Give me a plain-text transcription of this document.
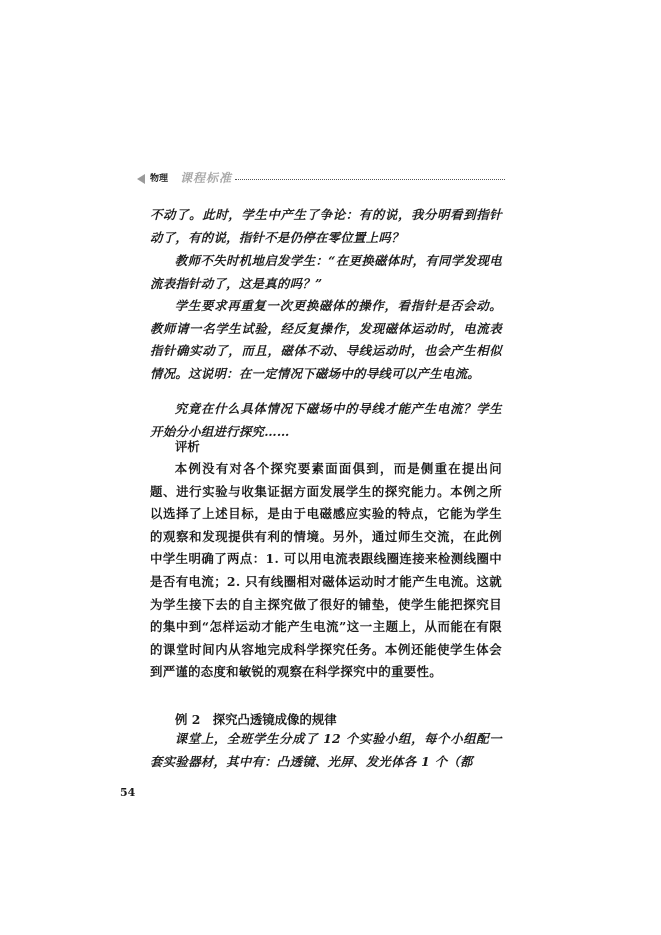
物理 课程标准

不动了。此时，学生中产生了争论：有的说，我分明看到指针动了，有的说，指针不是仍停在零位置上吗？

教师不失时机地启发学生：“在更换磁体时，有同学发现电流表指针动了，这是真的吗？”

学生要求再重复一次更换磁体的操作，看指针是否会动。教师请一名学生试验，经反复操作，发现磁体运动时，电流表指针确实动了，而且，磁体不动、导线运动时，也会产生相似情况。这说明：在一定情况下磁场中的导线可以产生电流。

究竟在什么具体情况下磁场中的导线才能产生电流？学生开始分小组进行探究……

评析

本例没有对各个探究要素面面俱到，而是侧重在提出问题、进行实验与收集证据方面发展学生的探究能力。本例之所以选择了上述目标，是由于电磁感应实验的特点，它能为学生的观察和发现提供有利的情境。另外，通过师生交流，在此例中学生明确了两点：1. 可以用电流表跟线圈连接来检测线圈中是否有电流；2. 只有线圈相对磁体运动时才能产生电流。这就为学生接下去的自主探究做了很好的铺垫，使学生能把探究目的集中到“怎样运动才能产生电流”这一主题上，从而能在有限的课堂时间内从容地完成科学探究任务。本例还能使学生体会到严谨的态度和敏锐的观察在科学探究中的重要性。

例 2　探究凸透镜成像的规律

课堂上，全班学生分成了 12 个实验小组，每个小组配一套实验器材，其中有：凸透镜、光屏、发光体各 1 个（都

54
